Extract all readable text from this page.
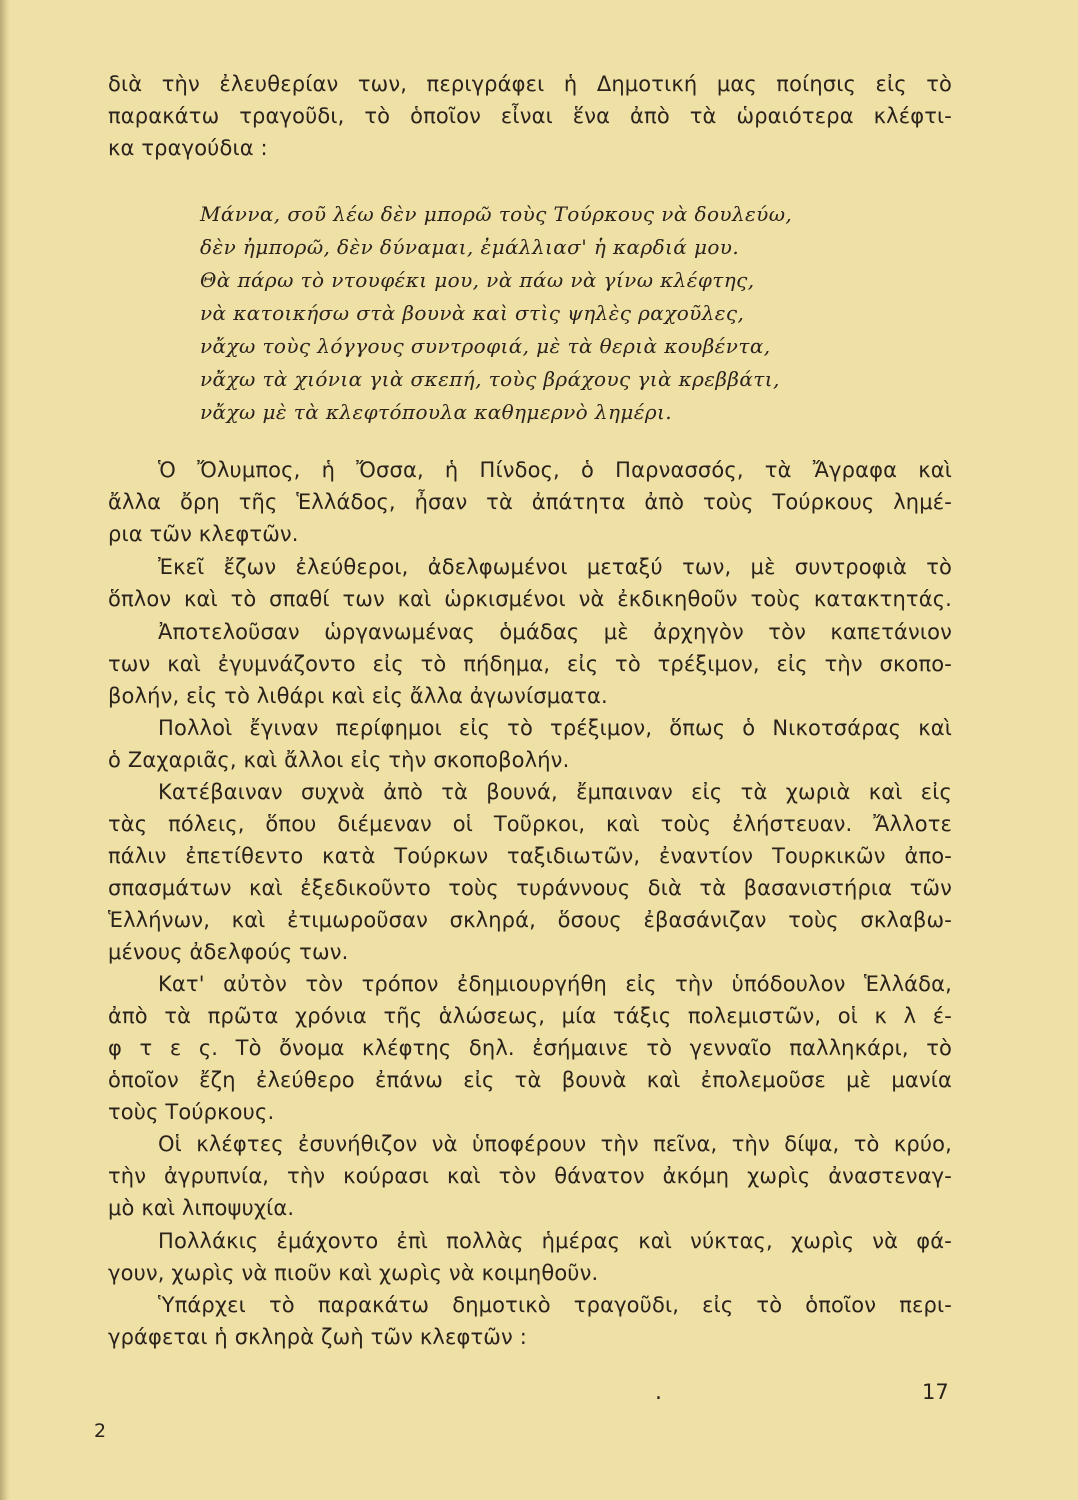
διὰ τὴν ἐλευθερίαν των, περιγράφει ἡ Δημοτική μας ποίησις εἰς τὸ
παρακάτω τραγοῦδι, τὸ ὁποῖον εἶναι ἕνα ἀπὸ τὰ ὡραιότερα κλέφτι-
κα τραγούδια :
Μάννα, σοῦ λέω δὲν μπορῶ τοὺς Τούρκους νὰ δουλεύω,
δὲν ἠμπορῶ, δὲν δύναμαι, ἐμάλλιασ' ἡ καρδιά μου.
Θὰ πάρω τὸ ντουφέκι μου, νὰ πάω νὰ γίνω κλέφτης,
νὰ κατοικήσω στὰ βουνὰ καὶ στὶς ψηλὲς ραχοῦλες,
νἄχω τοὺς λόγγους συντροφιά, μὲ τὰ θεριὰ κουβέντα,
νἄχω τὰ χιόνια γιὰ σκεπή, τοὺς βράχους γιὰ κρεββάτι,
νἄχω μὲ τὰ κλεφτόπουλα καθημερνὸ λημέρι.
Ὁ Ὄλυμπος, ἡ Ὄσσα, ἡ Πίνδος, ὁ Παρνασσός, τὰ Ἄγραφα καὶ
ἄλλα ὄρη τῆς Ἑλλάδος, ἦσαν τὰ ἀπάτητα ἀπὸ τοὺς Τούρκους λημέ-
ρια τῶν κλεφτῶν.
Ἐκεῖ ἔζων ἐλεύθεροι, ἀδελφωμένοι μεταξύ των, μὲ συντροφιὰ τὸ
ὅπλον καὶ τὸ σπαθί των καὶ ὡρκισμένοι νὰ ἐκδικηθοῦν τοὺς κατακτητάς.
Ἀποτελοῦσαν ὡργανωμένας ὁμάδας μὲ ἀρχηγὸν τὸν καπετάνιον
των καὶ ἐγυμνάζοντο εἰς τὸ πήδημα, εἰς τὸ τρέξιμον, εἰς τὴν σκοπο-
βολήν, εἰς τὸ λιθάρι καὶ εἰς ἄλλα ἀγωνίσματα.
Πολλοὶ ἔγιναν περίφημοι εἰς τὸ τρέξιμον, ὅπως ὁ Νικοτσάρας καὶ
ὁ Ζαχαριᾶς, καὶ ἄλλοι εἰς τὴν σκοποβολήν.
Κατέβαιναν συχνὰ ἀπὸ τὰ βουνά, ἔμπαιναν εἰς τὰ χωριὰ καὶ εἰς
τὰς πόλεις, ὅπου διέμεναν οἱ Τοῦρκοι, καὶ τοὺς ἐλήστευαν. Ἄλλοτε
πάλιν ἐπετίθεντο κατὰ Τούρκων ταξιδιωτῶν, ἐναντίον Τουρκικῶν ἀπο-
σπασμάτων καὶ ἐξεδικοῦντο τοὺς τυράννους διὰ τὰ βασανιστήρια τῶν
Ἑλλήνων, καὶ ἐτιμωροῦσαν σκληρά, ὅσους ἐβασάνιζαν τοὺς σκλαβω-
μένους ἀδελφούς των.
Κατ' αὐτὸν τὸν τρόπον ἐδημιουργήθη εἰς τὴν ὑπόδουλον Ἑλλάδα,
ἀπὸ τὰ πρῶτα χρόνια τῆς ἁλώσεως, μία τάξις πολεμιστῶν, οἱ κ λ έ-
φ τ ε ς. Τὸ ὄνομα κλέφτης δηλ. ἐσήμαινε τὸ γενναῖο παλληκάρι, τὸ
ὁποῖον ἔζη ἐλεύθερο ἐπάνω εἰς τὰ βουνὰ καὶ ἐπολεμοῦσε μὲ μανία
τοὺς Τούρκους.
Οἱ κλέφτες ἐσυνήθιζον νὰ ὑποφέρουν τὴν πεῖνα, τὴν δίψα, τὸ κρύο,
τὴν ἀγρυπνία, τὴν κούρασι καὶ τὸν θάνατον ἀκόμη χωρὶς ἀναστεναγ-
μὸ καὶ λιποψυχία.
Πολλάκις ἐμάχοντο ἐπὶ πολλὰς ἡμέρας καὶ νύκτας, χωρὶς νὰ φά-
γουν, χωρὶς νὰ πιοῦν καὶ χωρὶς νὰ κοιμηθοῦν.
Ὑπάρχει τὸ παρακάτω δημοτικὸ τραγοῦδι, εἰς τὸ ὁποῖον περι-
γράφεται ἡ σκληρὰ ζωὴ τῶν κλεφτῶν :
.	17
2
